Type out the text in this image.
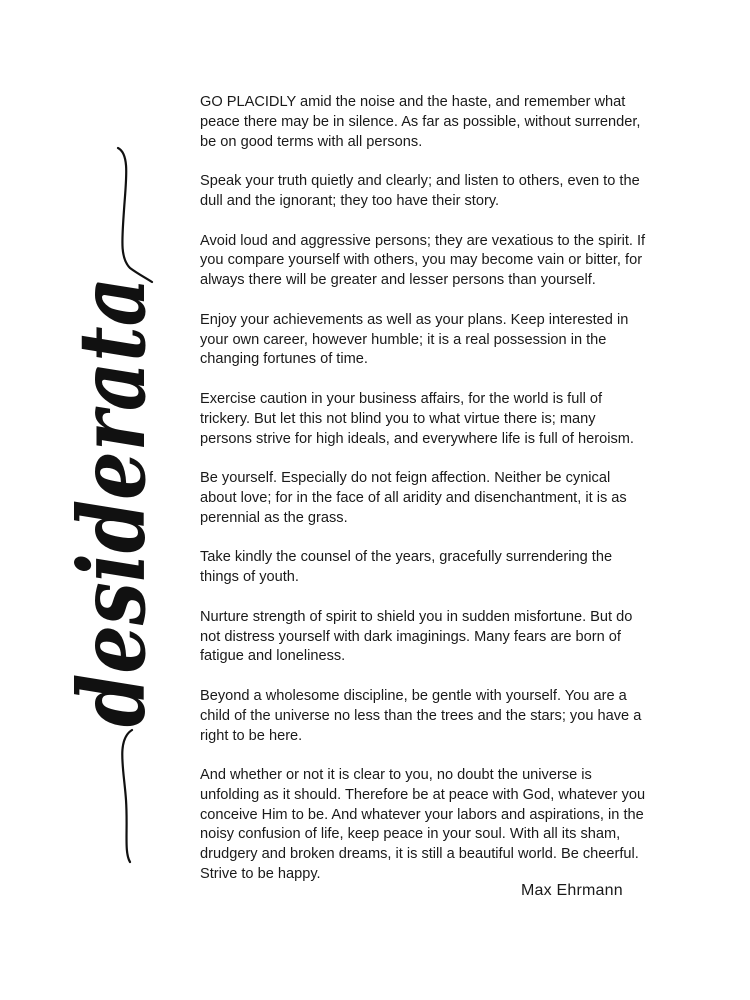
desiderata
GO PLACIDLY amid the noise and the haste, and remember what
peace there may be in silence. As far as possible, without surrender,
be on good terms with all persons.
Speak your truth quietly and clearly; and listen to others, even to the
dull and the ignorant; they too have their story.
Avoid loud and aggressive persons; they are vexatious to the spirit. If
you compare yourself with others, you may become vain or bitter, for
always there will be greater and lesser persons than yourself.
Enjoy your achievements as well as your plans. Keep interested in
your own career, however humble; it is a real possession in the
changing fortunes of time.
Exercise caution in your business affairs, for the world is full of
trickery. But let this not blind you to what virtue there is; many
persons strive for high ideals, and everywhere life is full of heroism.
Be yourself. Especially do not feign affection. Neither be cynical
about love; for in the face of all aridity and disenchantment, it is as
perennial as the grass.
Take kindly the counsel of the years, gracefully surrendering the
things of youth.
Nurture strength of spirit to shield you in sudden misfortune. But do
not distress yourself with dark imaginings. Many fears are born of
fatigue and loneliness.
Beyond a wholesome discipline, be gentle with yourself. You are a
child of the universe no less than the trees and the stars; you have a
right to be here.
And whether or not it is clear to you, no doubt the universe is
unfolding as it should. Therefore be at peace with God, whatever you
conceive Him to be. And whatever your labors and aspirations, in the
noisy confusion of life, keep peace in your soul. With all its sham,
drudgery and broken dreams, it is still a beautiful world. Be cheerful.
Strive to be happy.
Max Ehrmann
